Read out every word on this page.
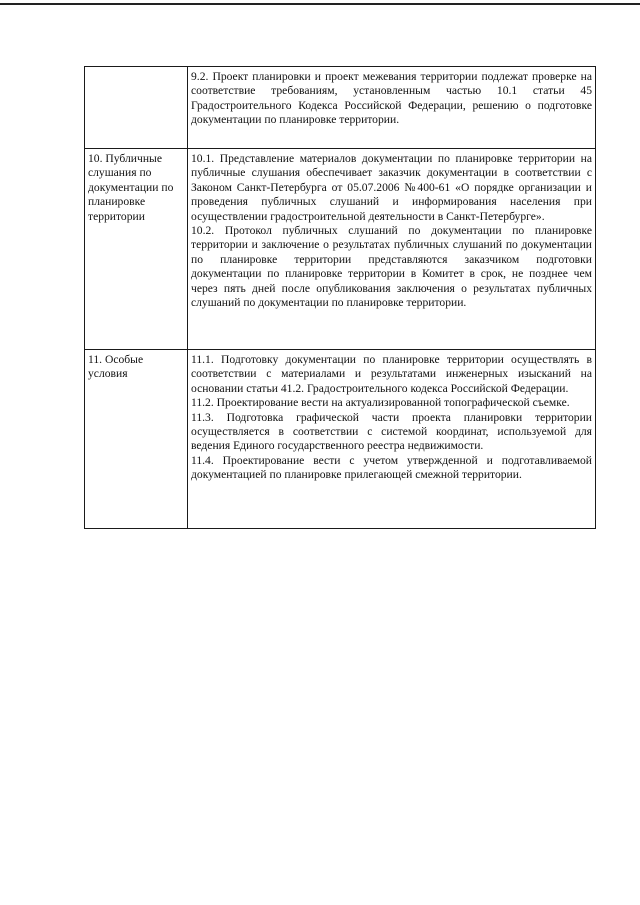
	9.2. Проект планировки и проект межевания территории подлежат проверке на соответствие требованиям, установленным частью 10.1 статьи 45 Градостроительного Кодекса Российской Федерации, решению о подготовке документации по планировке территории.

10. Публичные слушания по документации по планировке территории	10.1. Представление материалов документации по планировке территории на публичные слушания обеспечивает заказчик документации в соответствии с Законом Санкт-Петербурга от 05.07.2006 №400-61 «О порядке организации и проведения публичных слушаний и информирования населения при осуществлении градостроительной деятельности в Санкт-Петербурге».
10.2. Протокол публичных слушаний по документации по планировке территории и заключение о результатах публичных слушаний по документации по планировке территории представляются заказчиком подготовки документации по планировке территории в Комитет в срок, не позднее чем через пять дней после опубликования заключения о результатах публичных слушаний по документации по планировке территории.

11. Особые условия	11.1. Подготовку документации по планировке территории осуществлять в соответствии с материалами и результатами инженерных изысканий на основании статьи 41.2. Градостроительного кодекса Российской Федерации.
11.2. Проектирование вести на актуализированной топографической съемке.
11.3. Подготовка графической части проекта планировки территории осуществляется в соответствии с системой координат, используемой для ведения Единого государственного реестра недвижимости.
11.4. Проектирование вести с учетом утвержденной и подготавливаемой документацией по планировке прилегающей смежной территории.
